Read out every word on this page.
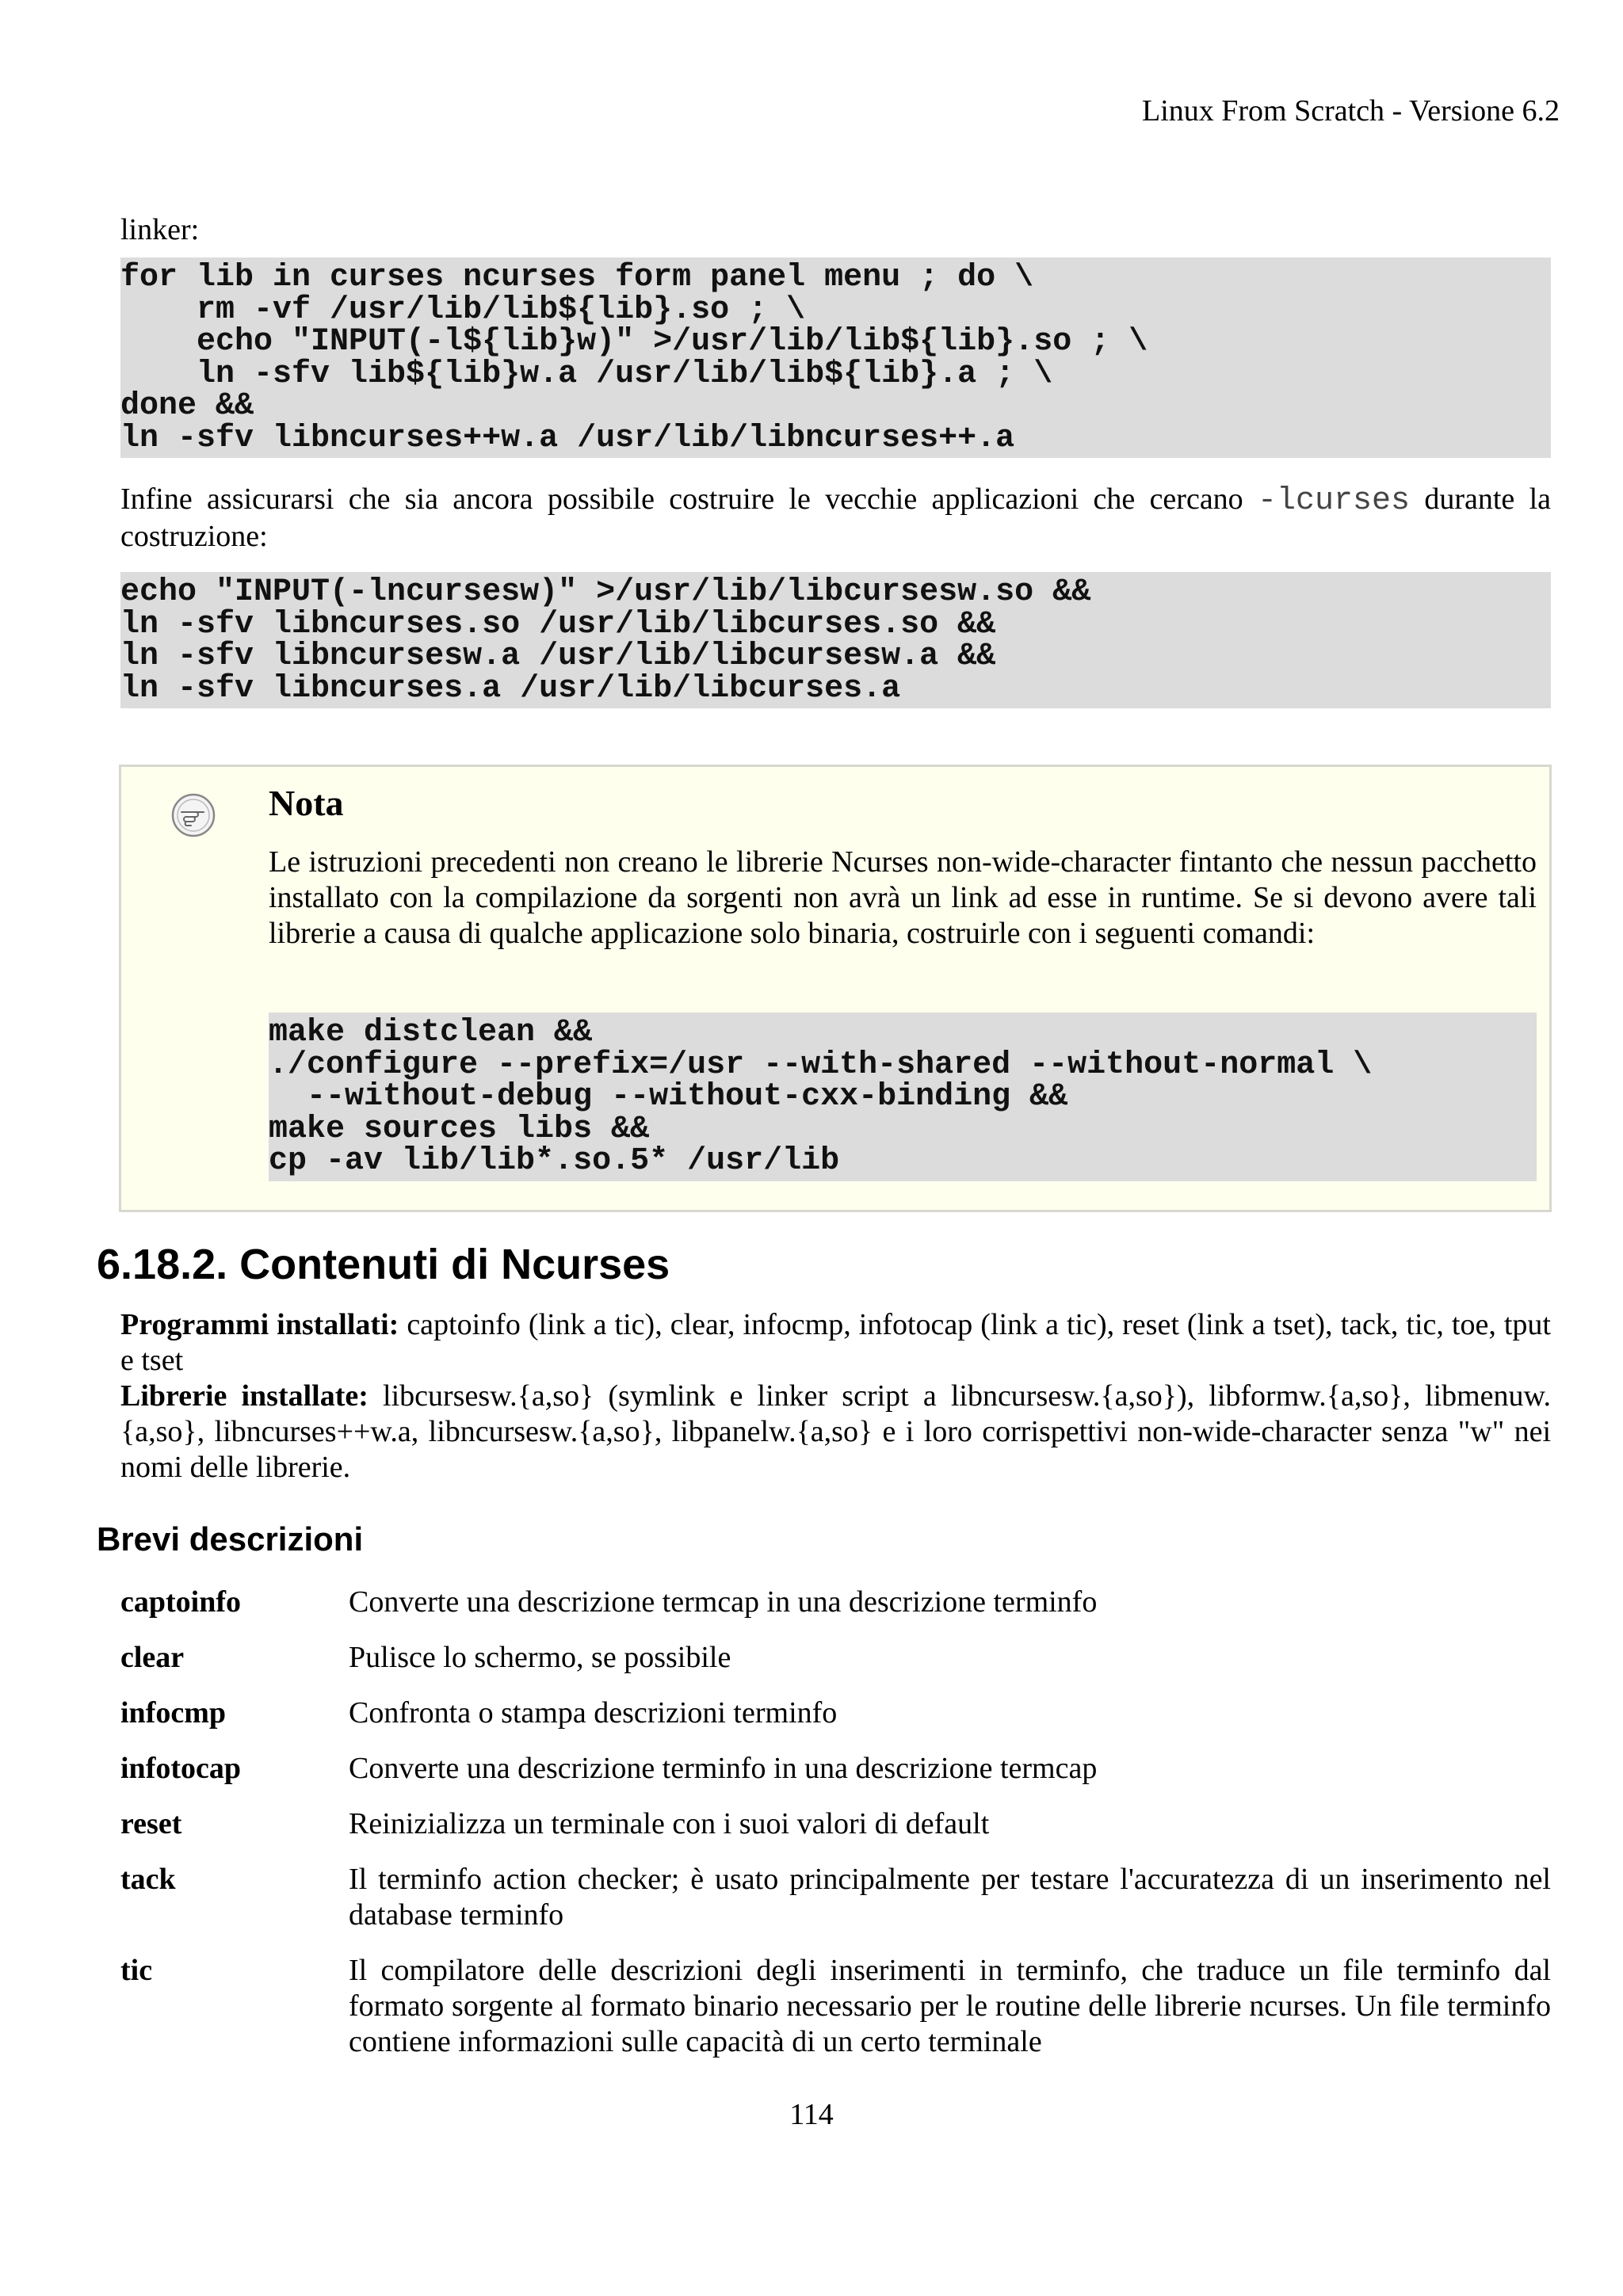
Linux From Scratch - Versione 6.2

linker:

for lib in curses ncurses form panel menu ; do \
rm -vf /usr/lib/lib${lib}.so ; \
echo "INPUT(-l${lib}w)" >/usr/lib/lib${lib}.so ; \
ln -sfv lib${lib}w.a /usr/lib/lib${lib}.a ; \
done &&
ln -sfv libncurses++w.a /usr/lib/libncurses++.a

Infine assicurarsi che sia ancora possibile costruire le vecchie applicazioni che cercano -lcurses durante la costruzione:

echo "INPUT(-lncursesw)" >/usr/lib/libcursesw.so &&
ln -sfv libncurses.so /usr/lib/libcurses.so &&
ln -sfv libncursesw.a /usr/lib/libcursesw.a &&
ln -sfv libncurses.a /usr/lib/libcurses.a
Nota

Le istruzioni precedenti non creano le librerie Ncurses non-wide-character fintanto che nessun pacchetto installato con la compilazione da sorgenti non avrà un link ad esse in runtime. Se si devono avere tali librerie a causa di qualche applicazione solo binaria, costruirle con i seguenti comandi:

make distclean &&
./configure --prefix=/usr --with-shared --without-normal \
--without-debug --without-cxx-binding &&
make sources libs &&
cp -av lib/lib*.so.5* /usr/lib
6.18.2. Contenuti di Ncurses

Programmi installati: captoinfo (link a tic), clear, infocmp, infotocap (link a tic), reset (link a tset), tack, tic, toe, tput e tset

Librerie installate: libcursesw.{a,so} (symlink e linker script a libncursesw.{a,so}), libformw.{a,so}, libmenuw.{a,so}, libncurses++w.a, libncursesw.{a,so}, libpanelw.{a,so} e i loro corrispettivi non-wide-character senza "w" nei nomi delle librerie.

Brevi descrizioni
captoinfo	Converte una descrizione termcap in una descrizione terminfo
clear	Pulisce lo schermo, se possibile
infocmp	Confronta o stampa descrizioni terminfo
infotocap	Converte una descrizione terminfo in una descrizione termcap
reset	Reinizializza un terminale con i suoi valori di default
tack	Il terminfo action checker; è usato principalmente per testare l'accuratezza di un inserimento nel database terminfo
tic	Il compilatore delle descrizioni degli inserimenti in terminfo, che traduce un file terminfo dal formato sorgente al formato binario necessario per le routine delle librerie ncurses. Un file terminfo contiene informazioni sulle capacità di un certo terminale
114
